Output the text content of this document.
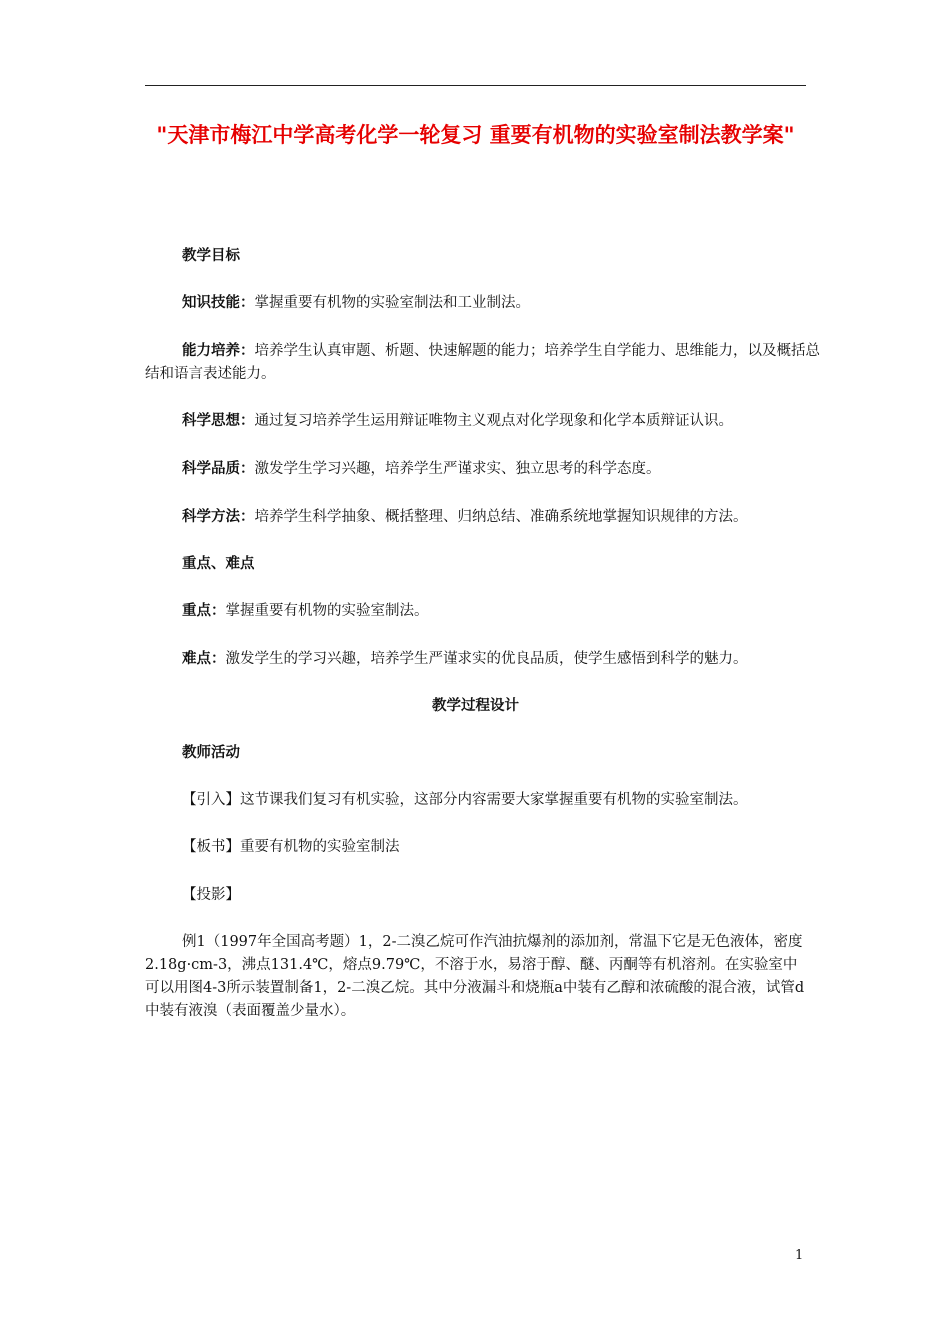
"天津市梅江中学高考化学一轮复习 重要有机物的实验室制法教学案"
教学目标
知识技能：掌握重要有机物的实验室制法和工业制法。
能力培养：培养学生认真审题、析题、快速解题的能力；培养学生自学能力、思维能力，以及概括总结和语言表述能力。
科学思想：通过复习培养学生运用辩证唯物主义观点对化学现象和化学本质辩证认识。
科学品质：激发学生学习兴趣，培养学生严谨求实、独立思考的科学态度。
科学方法：培养学生科学抽象、概括整理、归纳总结、准确系统地掌握知识规律的方法。
重点、难点
重点：掌握重要有机物的实验室制法。
难点：激发学生的学习兴趣，培养学生严谨求实的优良品质，使学生感悟到科学的魅力。
教学过程设计
教师活动
【引入】这节课我们复习有机实验，这部分内容需要大家掌握重要有机物的实验室制法。
【板书】重要有机物的实验室制法
【投影】
例1（1997年全国高考题）1，2-二溴乙烷可作汽油抗爆剂的添加剂，常温下它是无色液体，密度2.18g·cm-3，沸点131.4℃，熔点9.79℃，不溶于水，易溶于醇、醚、丙酮等有机溶剂。在实验室中可以用图4-3所示装置制备1，2-二溴乙烷。其中分液漏斗和烧瓶a中装有乙醇和浓硫酸的混合液，试管d中装有液溴（表面覆盖少量水）。
1
